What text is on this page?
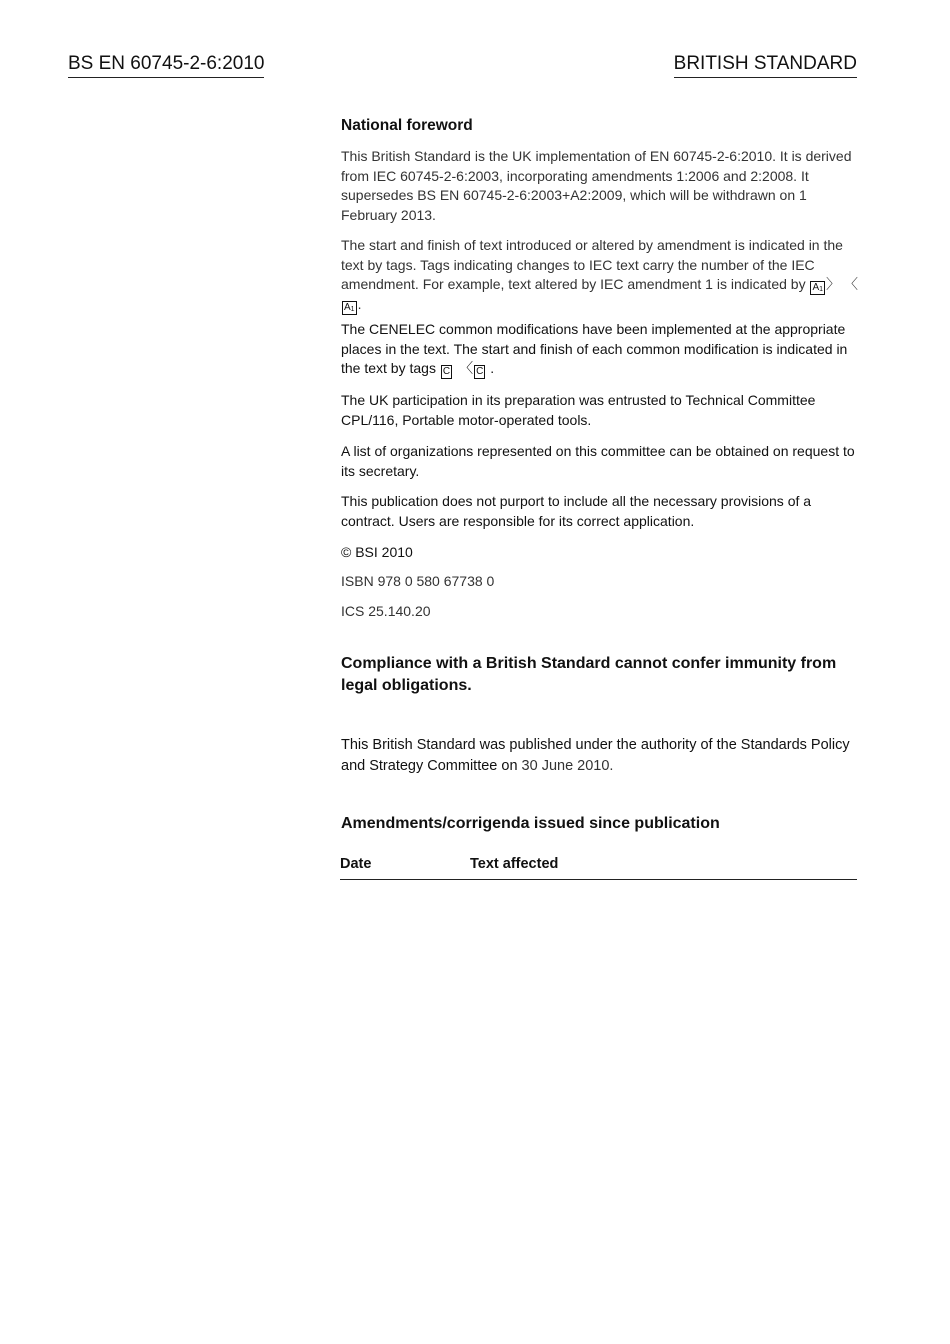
BS EN 60745-2-6:2010	BRITISH STANDARD
National foreword
This British Standard is the UK implementation of EN 60745-2-6:2010. It is derived from IEC 60745-2-6:2003, incorporating amendments 1:2006 and 2:2008. It supersedes BS EN 60745-2-6:2003+A2:2009, which will be withdrawn on 1 February 2013.
The start and finish of text introduced or altered by amendment is indicated in the text by tags. Tags indicating changes to IEC text carry the number of the IEC amendment. For example, text altered by IEC amendment 1 is indicated by A1 〉 〈A1 .
The CENELEC common modifications have been implemented at the appropriate places in the text. The start and finish of each common modification is indicated in the text by tags C 〈 C .
The UK participation in its preparation was entrusted to Technical Committee CPL/116, Portable motor-operated tools.
A list of organizations represented on this committee can be obtained on request to its secretary.
This publication does not purport to include all the necessary provisions of a contract. Users are responsible for its correct application.
© BSI 2010
ISBN 978 0 580 67738 0
ICS 25.140.20
Compliance with a British Standard cannot confer immunity from legal obligations.
This British Standard was published under the authority of the Standards Policy and Strategy Committee on 30 June 2010.
Amendments/corrigenda issued since publication
Date	Text affected
